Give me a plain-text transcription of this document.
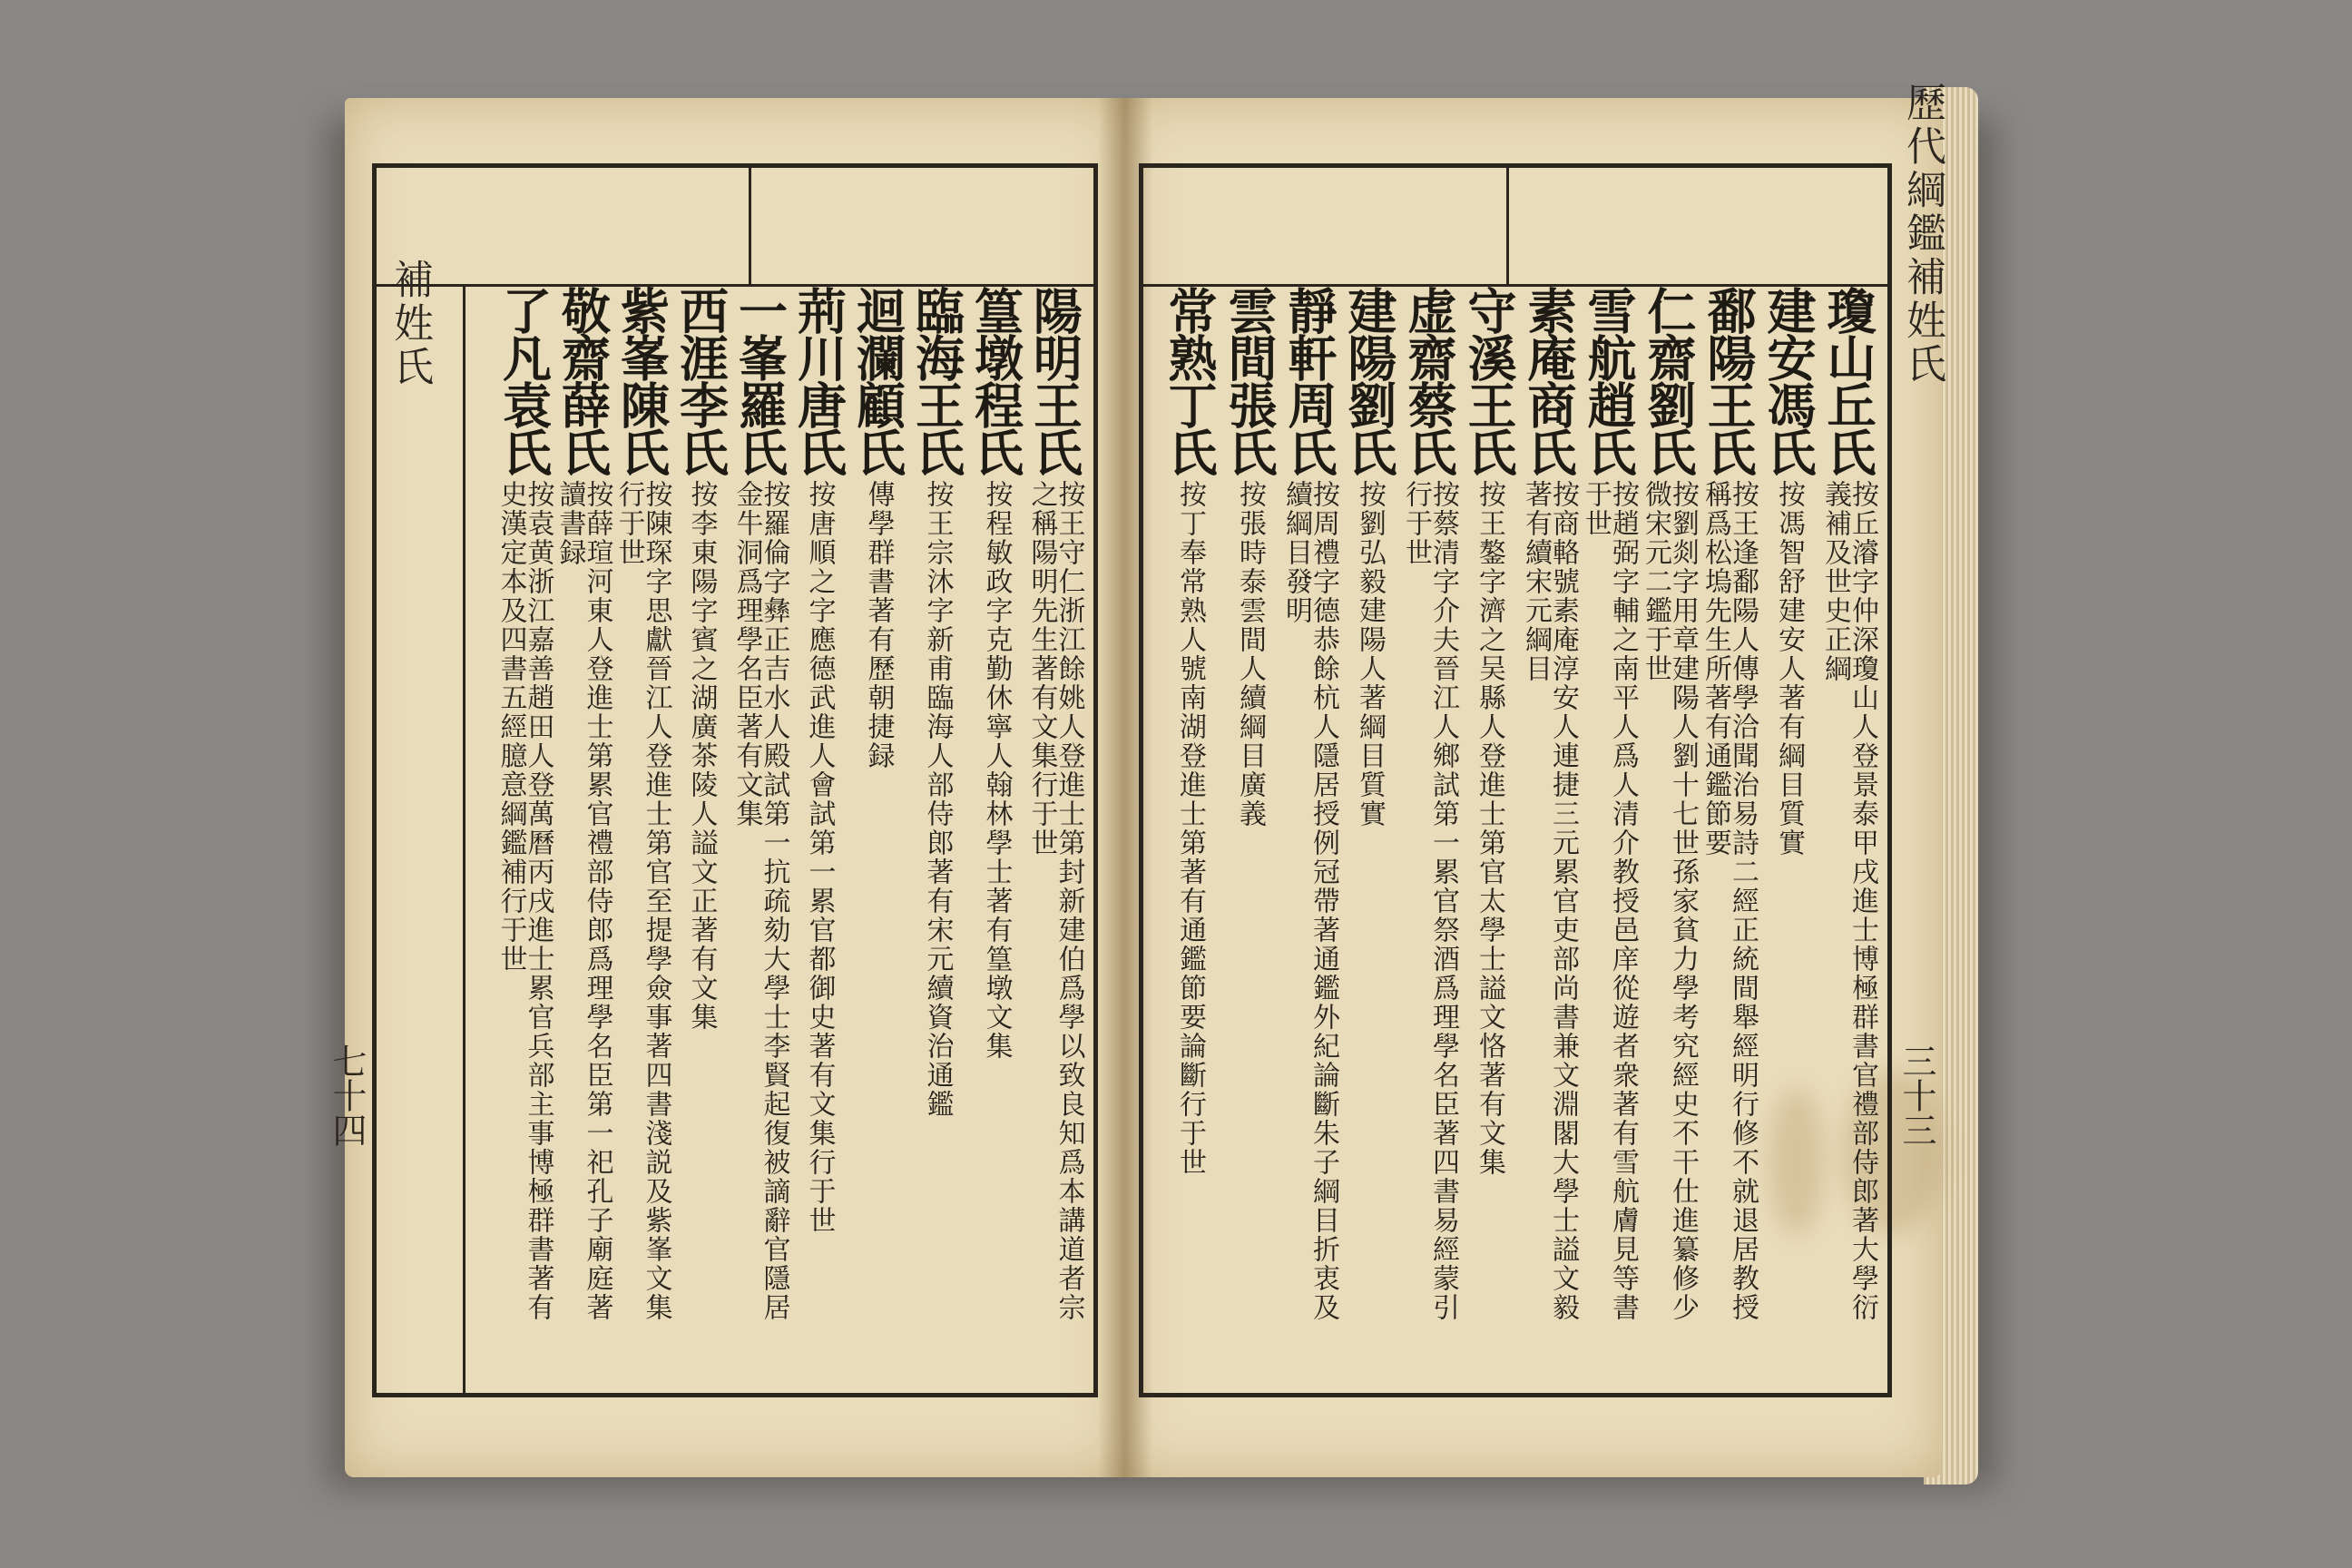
補姓氏	陽明王氏
按王守仁浙江餘姚人登進士第封新建伯爲學以致良知爲本講道者宗之稱陽明先生著有文集行于世
篁墩程氏
按程敏政字克勤休寧人翰林學士著有篁墩文集
臨海王氏
按王宗沐字新甫臨海人部侍郎著有宋元續資治通鑑
迴瀾顧氏
傳學群書著有歷朝捷録
荊川唐氏
按唐順之字應德武進人會試第一累官都御史著有文集行于世
一峯羅氏
按羅倫字彝正吉水人殿試第一抗疏劾大學士李賢起復被謫辭官隱居金牛洞爲理學名臣著有文集
西涯李氏
按李東陽字賓之湖廣茶陵人謚文正著有文集
紫峯陳氏
按陳琛字思獻晉江人登進士第官至提學僉事著四書淺説及紫峯文集行于世
敬齋薛氏
按薛瑄河東人登進士第累官禮部侍郎爲理學名臣第一祀孔子廟庭著讀書録
了凡袁氏
按袁黄浙江嘉善趙田人登萬曆丙戌進士累官兵部主事博極群書著有史漢定本及四書五經臆意綱鑑補行于世
七十四
瓊山丘氏
按丘濬字仲深瓊山人登景泰甲戌進士博極群書官禮部侍郎著大學衍義補及世史正綱
建安馮氏
按馮智舒建安人著有綱目質實
鄱陽王氏
按王逢鄱陽人傳學洽聞治易詩二經正統間舉經明行修不就退居教授稱爲松塢先生所著有通鑑節要
仁齋劉氏
按劉剡字用章建陽人劉十七世孫家貧力學考究經史不干仕進纂修少微宋元二鑑于世
雪航趙氏
按趙弼字輔之南平人爲人清介教授邑庠從遊者衆著有雪航膚見等書于世
素庵商氏
按商輅號素庵淳安人連捷三元累官吏部尚書兼文淵閣大學士謚文毅著有續宋元綱目
守溪王氏
按王鏊字濟之吴縣人登進士第官太學士謚文恪著有文集
虚齋蔡氏
按蔡清字介夫晉江人鄉試第一累官祭酒爲理學名臣著四書易經蒙引行于世
建陽劉氏
按劉弘毅建陽人著綱目質實
靜軒周氏
按周禮字德恭餘杭人隱居授例冠帶著通鑑外紀論斷朱子綱目折衷及續綱目發明
雲間張氏
按張時泰雲間人續綱目廣義
常熟丁氏
按丁奉常熟人號南湖登進士第著有通鑑節要論斷行于世
歷代綱鑑補姓氏
三十三
